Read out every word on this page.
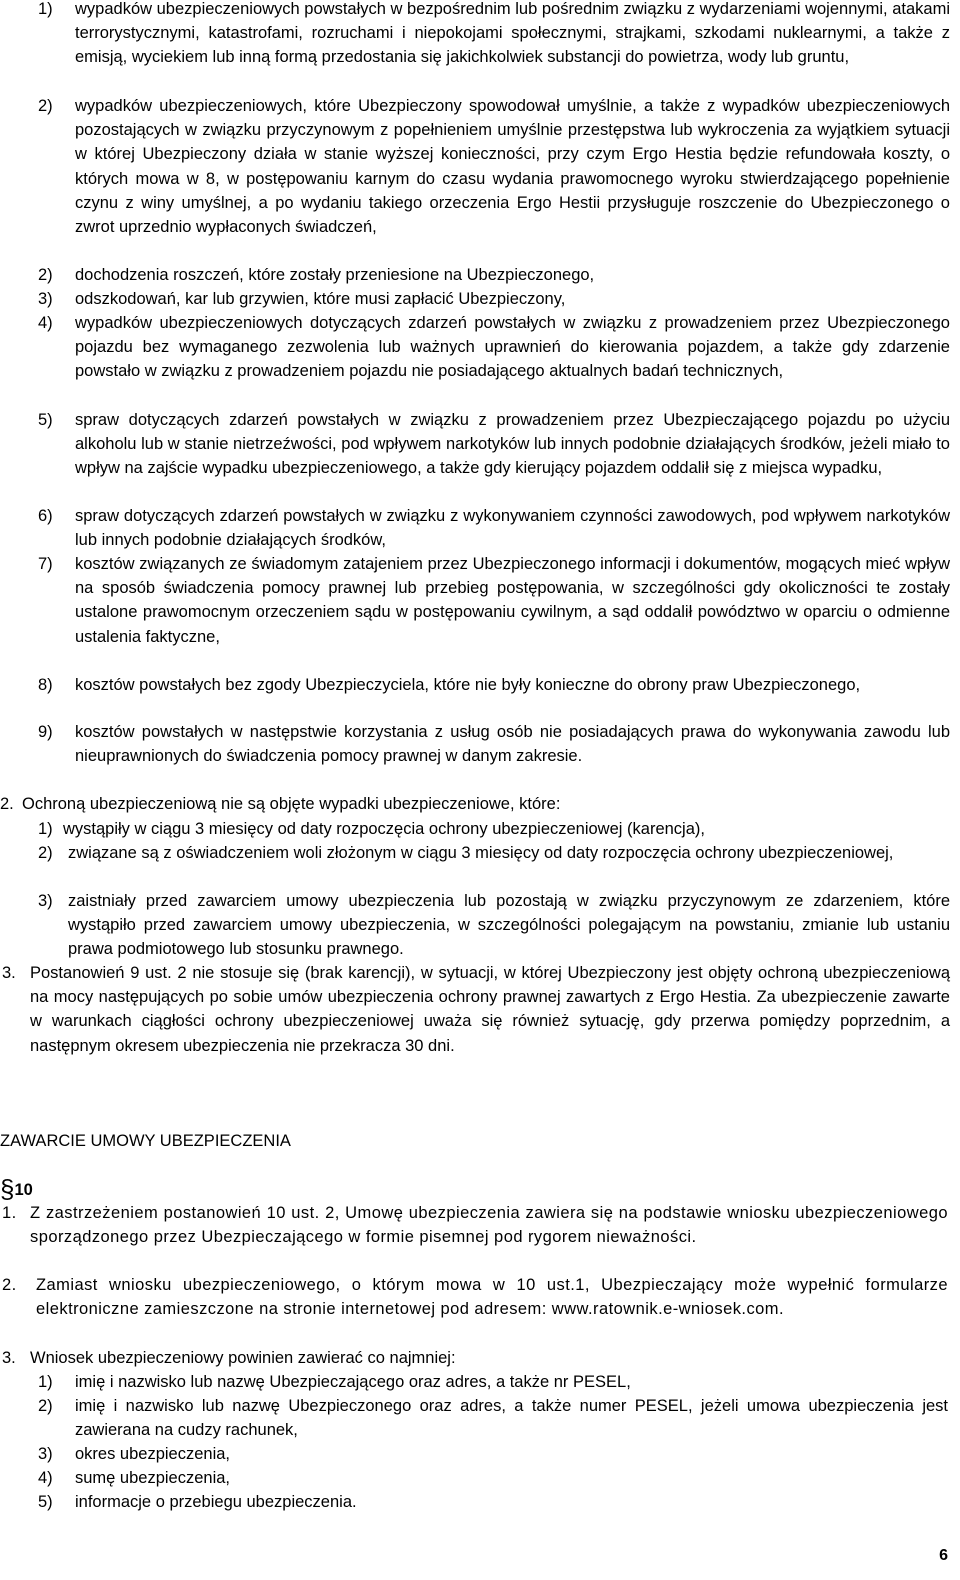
1)	wypadków ubezpieczeniowych powstałych w bezpośrednim lub pośrednim związku z wydarzeniami wojennymi, atakami terrorystycznymi, katastrofami, rozruchami i niepokojami społecznymi, strajkami, szkodami nuklearnymi, a także z emisją, wyciekiem lub inną formą przedostania się jakichkolwiek substancji do powietrza, wody lub gruntu,
2)	wypadków ubezpieczeniowych, które Ubezpieczony spowodował umyślnie, a także z wypadków ubezpieczeniowych pozostających w związku przyczynowym z popełnieniem umyślnie przestępstwa lub wykroczenia za wyjątkiem sytuacji w której Ubezpieczony działa w stanie wyższej konieczności, przy czym Ergo Hestia będzie refundowała koszty, o których mowa w 8, w postępowaniu karnym do czasu wydania prawomocnego wyroku stwierdzającego popełnienie czynu z winy umyślnej, a po wydaniu takiego orzeczenia Ergo Hestii przysługuje roszczenie do Ubezpieczonego o zwrot uprzednio wypłaconych świadczeń,
2)	dochodzenia roszczeń, które zostały przeniesione na Ubezpieczonego,
3)	odszkodowań, kar lub grzywien, które musi zapłacić Ubezpieczony,
4)	wypadków ubezpieczeniowych dotyczących zdarzeń powstałych w związku z prowadzeniem przez Ubezpieczonego pojazdu bez wymaganego zezwolenia lub ważnych uprawnień do kierowania pojazdem, a także gdy zdarzenie powstało w związku z prowadzeniem pojazdu nie posiadającego aktualnych badań technicznych,
5)	spraw dotyczących zdarzeń powstałych w związku z prowadzeniem przez Ubezpieczającego pojazdu po użyciu alkoholu lub w stanie nietrzeźwości, pod wpływem narkotyków lub innych podobnie działających środków, jeżeli miało to wpływ na zajście wypadku ubezpieczeniowego, a także gdy kierujący pojazdem oddalił się z miejsca wypadku,
6)	spraw dotyczących zdarzeń powstałych w związku z wykonywaniem czynności zawodowych, pod wpływem narkotyków lub innych podobnie działających środków,
7)	kosztów związanych ze świadomym zatajeniem przez Ubezpieczonego informacji i dokumentów, mogących mieć wpływ na sposób świadczenia pomocy prawnej lub przebieg postępowania, w szczególności gdy okoliczności te zostały ustalone prawomocnym orzeczeniem sądu w postępowaniu cywilnym, a sąd oddalił powództwo w oparciu o odmienne ustalenia faktyczne,
8)	kosztów powstałych bez zgody Ubezpieczyciela, które nie były konieczne do obrony praw Ubezpieczonego,
9)	kosztów powstałych w następstwie korzystania z usług osób nie posiadających prawa do wykonywania zawodu lub nieuprawnionych do świadczenia pomocy prawnej w danym zakresie.
2. Ochroną ubezpieczeniową nie są objęte wypadki ubezpieczeniowe, które:
1) wystąpiły w ciągu 3 miesięcy od daty rozpoczęcia ochrony ubezpieczeniowej (karencja),
2) związane są z oświadczeniem woli złożonym w ciągu 3 miesięcy od daty rozpoczęcia ochrony ubezpieczeniowej,
3) zaistniały przed zawarciem umowy ubezpieczenia lub pozostają w związku przyczynowym ze zdarzeniem, które wystąpiło przed zawarciem umowy ubezpieczenia, w szczególności polegającym na powstaniu, zmianie lub ustaniu prawa podmiotowego lub stosunku prawnego.
3. Postanowień 9 ust. 2 nie stosuje się (brak karencji), w sytuacji, w której Ubezpieczony jest objęty ochroną ubezpieczeniową na mocy następujących po sobie umów ubezpieczenia ochrony prawnej zawartych z Ergo Hestia. Za ubezpieczenie zawarte w warunkach ciągłości ochrony ubezpieczeniowej uważa się również sytuację, gdy przerwa pomiędzy poprzednim, a następnym okresem ubezpieczenia nie przekracza 30 dni.
ZAWARCIE UMOWY UBEZPIECZENIA
§10
1. Z zastrzeżeniem postanowień 10 ust. 2, Umowę ubezpieczenia zawiera się na podstawie wniosku ubezpieczeniowego sporządzonego przez Ubezpieczającego w formie pisemnej pod rygorem nieważności.
2.	Zamiast wniosku ubezpieczeniowego, o którym mowa w 10 ust.1, Ubezpieczający może wypełnić formularze elektroniczne zamieszczone na stronie internetowej pod adresem: www.ratownik.e-wniosek.com.
3. Wniosek ubezpieczeniowy powinien zawierać co najmniej:
1)	imię i nazwisko lub nazwę Ubezpieczającego oraz adres, a także nr PESEL,
2)	imię i nazwisko lub nazwę Ubezpieczonego oraz adres, a także numer PESEL, jeżeli umowa ubezpieczenia jest zawierana na cudzy rachunek,
3)	okres ubezpieczenia,
4)	sumę ubezpieczenia,
5)	informacje o przebiegu ubezpieczenia.
6
